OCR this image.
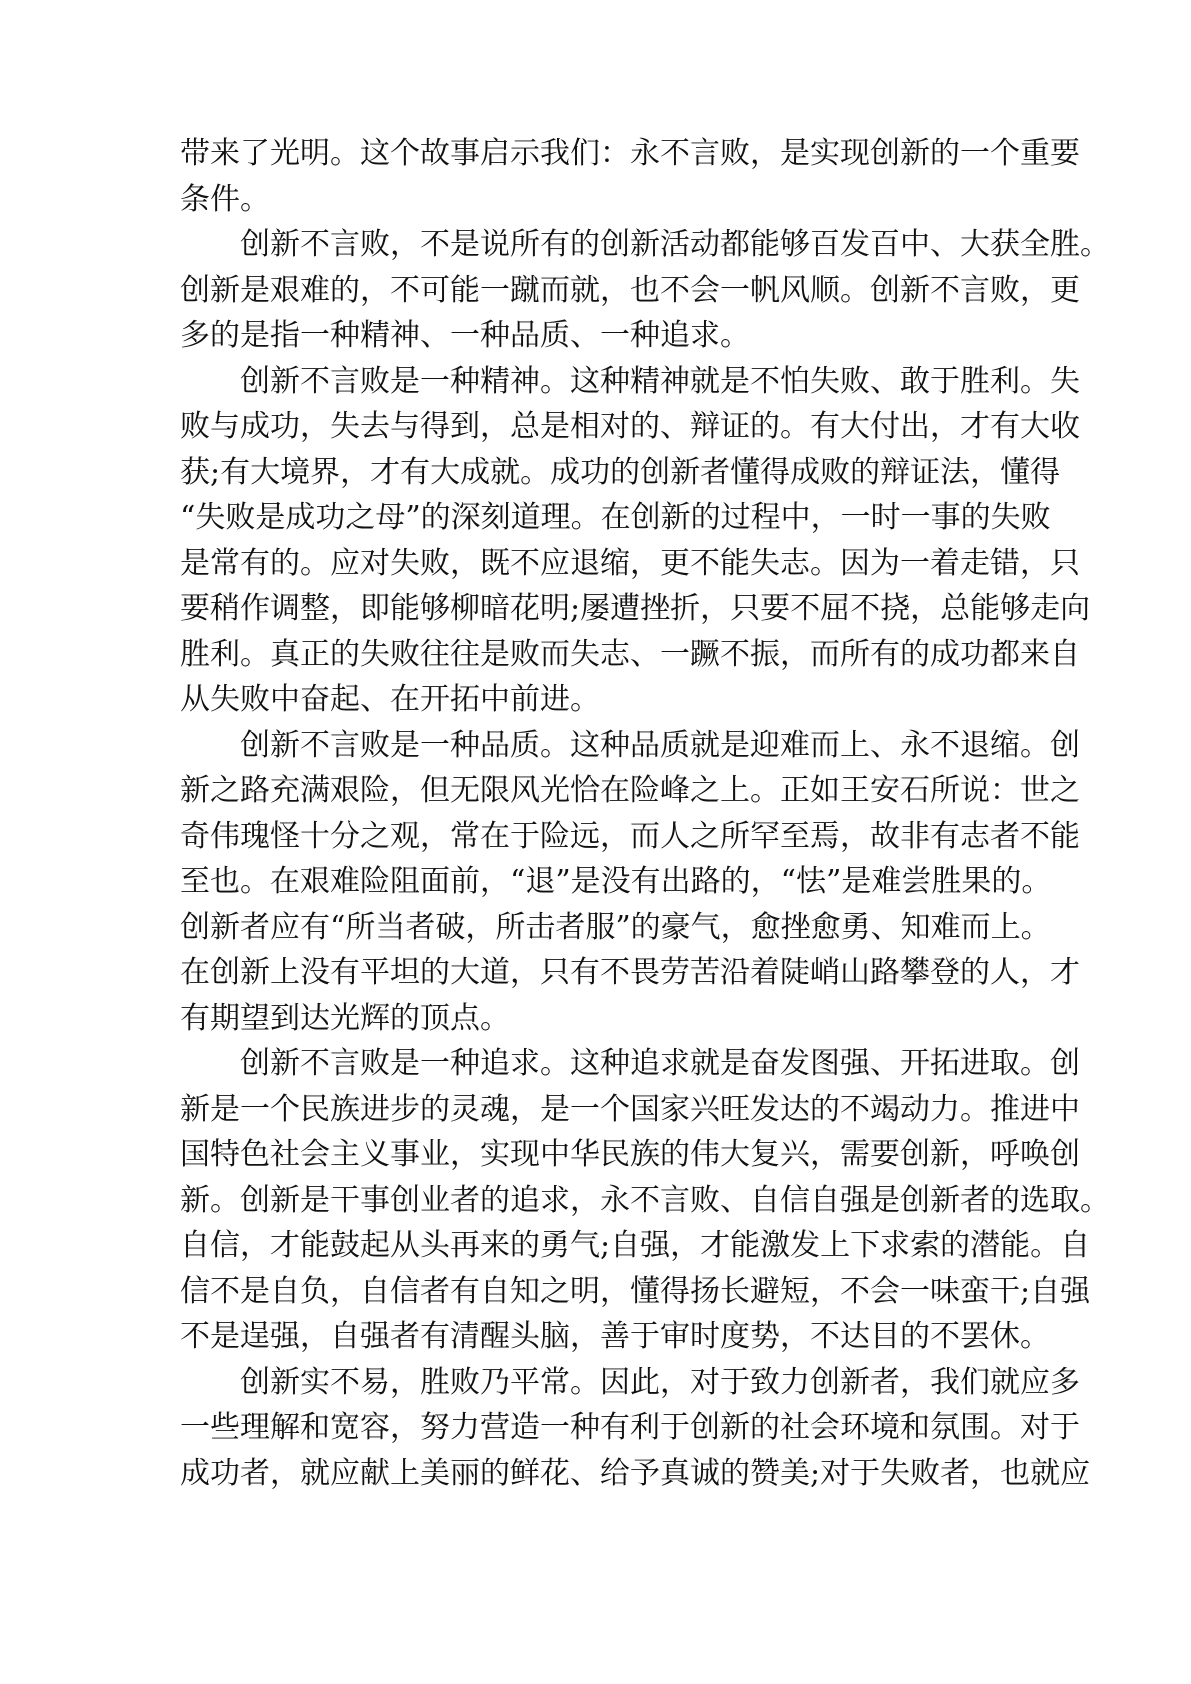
带来了光明。这个故事启示我们：永不言败，是实现创新的一个重要
条件。
创新不言败，不是说所有的创新活动都能够百发百中、大获全胜。
创新是艰难的，不可能一蹴而就，也不会一帆风顺。创新不言败，更
多的是指一种精神、一种品质、一种追求。
创新不言败是一种精神。这种精神就是不怕失败、敢于胜利。失
败与成功，失去与得到，总是相对的、辩证的。有大付出，才有大收
获;有大境界，才有大成就。成功的创新者懂得成败的辩证法，懂得
“失败是成功之母”的深刻道理。在创新的过程中，一时一事的失败
是常有的。应对失败，既不应退缩，更不能失志。因为一着走错，只
要稍作调整，即能够柳暗花明;屡遭挫折，只要不屈不挠，总能够走向
胜利。真正的失败往往是败而失志、一蹶不振，而所有的成功都来自
从失败中奋起、在开拓中前进。
创新不言败是一种品质。这种品质就是迎难而上、永不退缩。创
新之路充满艰险，但无限风光恰在险峰之上。正如王安石所说：世之
奇伟瑰怪十分之观，常在于险远，而人之所罕至焉，故非有志者不能
至也。在艰难险阻面前，“退”是没有出路的，“怯”是难尝胜果的。
创新者应有“所当者破，所击者服”的豪气，愈挫愈勇、知难而上。
在创新上没有平坦的大道，只有不畏劳苦沿着陡峭山路攀登的人，才
有期望到达光辉的顶点。
创新不言败是一种追求。这种追求就是奋发图强、开拓进取。创
新是一个民族进步的灵魂，是一个国家兴旺发达的不竭动力。推进中
国特色社会主义事业，实现中华民族的伟大复兴，需要创新，呼唤创
新。创新是干事创业者的追求，永不言败、自信自强是创新者的选取。
自信，才能鼓起从头再来的勇气;自强，才能激发上下求索的潜能。自
信不是自负，自信者有自知之明，懂得扬长避短，不会一味蛮干;自强
不是逞强，自强者有清醒头脑，善于审时度势，不达目的不罢休。
创新实不易，胜败乃平常。因此，对于致力创新者，我们就应多
一些理解和宽容，努力营造一种有利于创新的社会环境和氛围。对于
成功者，就应献上美丽的鲜花、给予真诚的赞美;对于失败者，也就应
